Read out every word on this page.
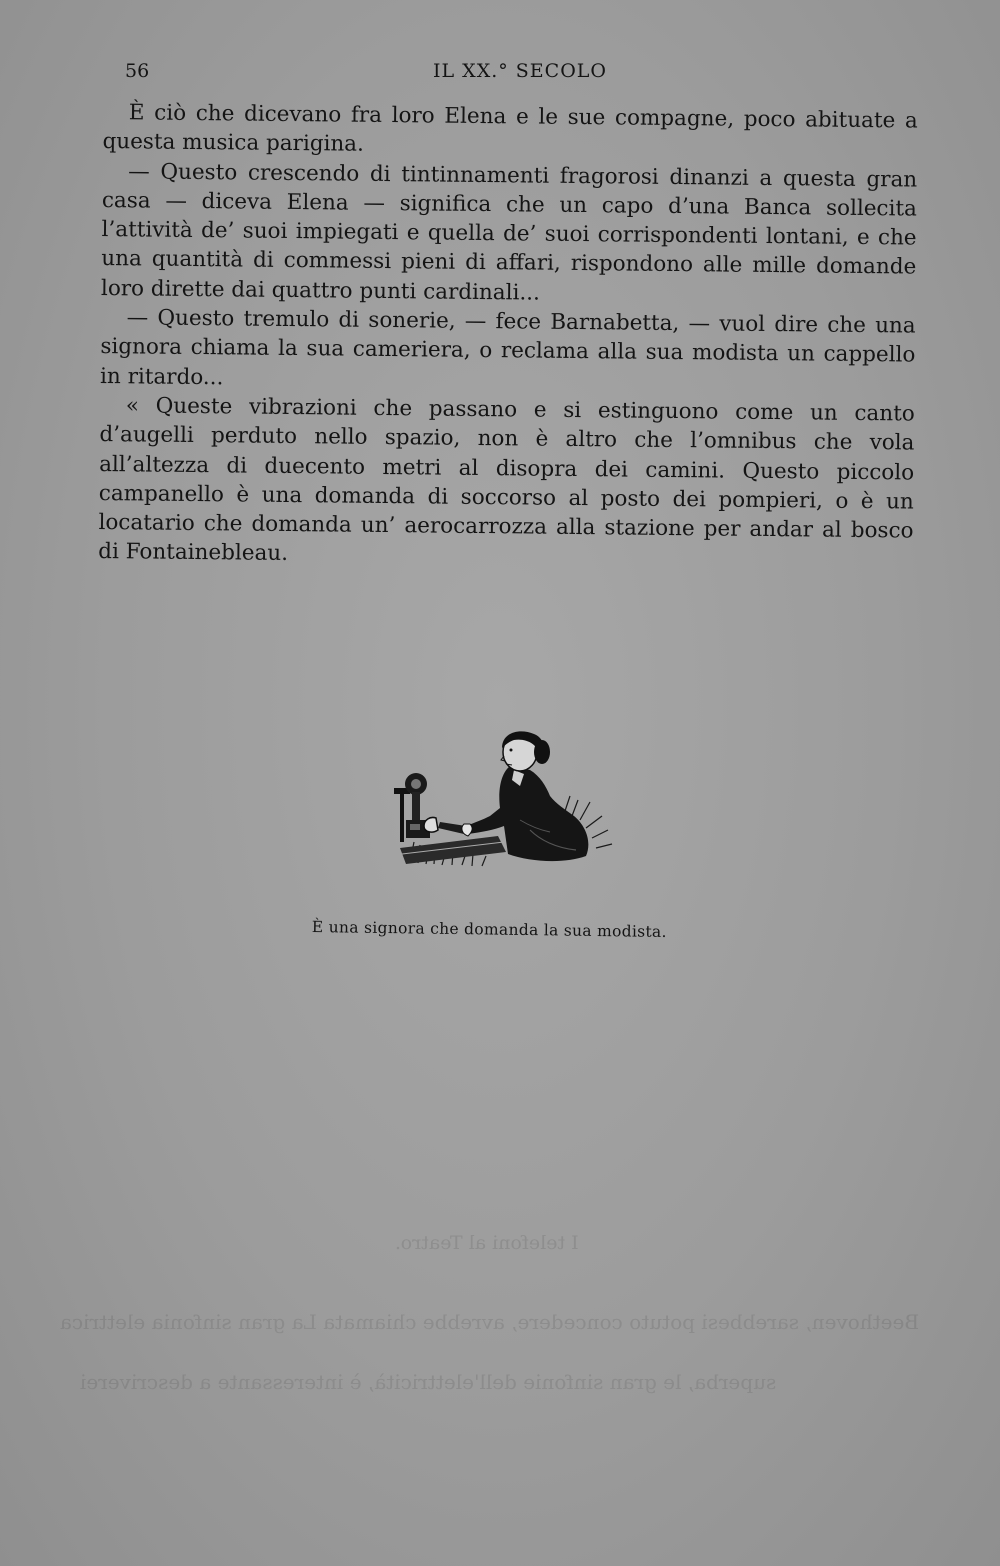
I telefoni al Teatro.
Beethoven, sarebbesi potuto concedere, avrebbe chiamata La gran sinfonia elettrica
superba, le gran sinfonie dell'elettricità, è interessante a descriverei
56	IL XX.° SECOLO

È ciò che dicevano fra loro Elena e le sue compagne, poco abituate a questa musica parigina.

— Questo crescendo di tintinnamenti fragorosi dinanzi a questa gran casa — diceva Elena — significa che un capo d’una Banca sollecita l’attività de’ suoi impiegati e quella de’ suoi corrispondenti lontani, e che una quantità di commessi pieni di affari, rispondono alle mille domande loro dirette dai quattro punti cardinali...

— Questo tremulo di sonerie, — fece Barnabetta, — vuol dire che una signora chiama la sua cameriera, o reclama alla sua modista un cappello in ritardo...

« Queste vibrazioni che passano e si estinguono come un canto d’augelli perduto nello spazio, non è altro che l’omnibus che vola all’altezza di duecento metri al disopra dei camini. Questo piccolo campanello è una domanda di soccorso al posto dei pompieri, o è un locatario che domanda un’ aerocarrozza alla stazione per andar al bosco di Fontainebleau.

È una signora che domanda la sua modista.
